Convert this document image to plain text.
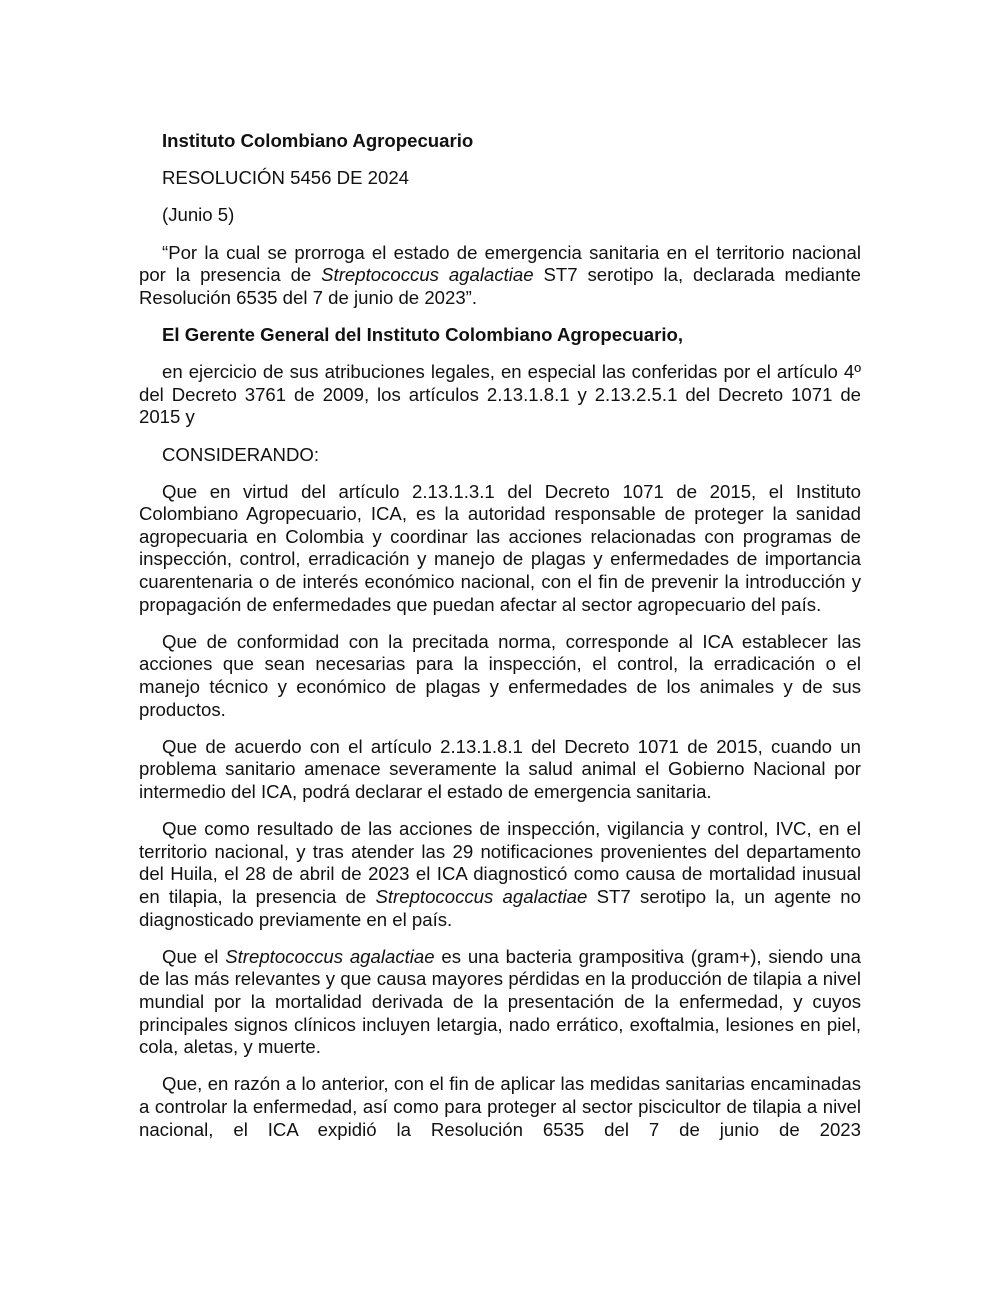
Instituto Colombiano Agropecuario

RESOLUCIÓN 5456 DE 2024

(Junio 5)

“Por la cual se prorroga el estado de emergencia sanitaria en el territorio nacional por la presencia de Streptococcus agalactiae ST7 serotipo la, declarada mediante Resolución 6535 del 7 de junio de 2023”.

El Gerente General del Instituto Colombiano Agropecuario,

en ejercicio de sus atribuciones legales, en especial las conferidas por el artículo 4º del Decreto 3761 de 2009, los artículos 2.13.1.8.1 y 2.13.2.5.1 del Decreto 1071 de 2015 y

CONSIDERANDO:

Que en virtud del artículo 2.13.1.3.1 del Decreto 1071 de 2015, el Instituto Colombiano Agropecuario, ICA, es la autoridad responsable de proteger la sanidad agropecuaria en Colombia y coordinar las acciones relacionadas con programas de inspección, control, erradicación y manejo de plagas y enfermedades de importancia cuarentenaria o de interés económico nacional, con el fin de prevenir la introducción y propagación de enfermedades que puedan afectar al sector agropecuario del país.

Que de conformidad con la precitada norma, corresponde al ICA establecer las acciones que sean necesarias para la inspección, el control, la erradicación o el manejo técnico y económico de plagas y enfermedades de los animales y de sus productos.

Que de acuerdo con el artículo 2.13.1.8.1 del Decreto 1071 de 2015, cuando un problema sanitario amenace severamente la salud animal el Gobierno Nacional por intermedio del ICA, podrá declarar el estado de emergencia sanitaria.

Que como resultado de las acciones de inspección, vigilancia y control, IVC, en el territorio nacional, y tras atender las 29 notificaciones provenientes del departamento del Huila, el 28 de abril de 2023 el ICA diagnosticó como causa de mortalidad inusual en tilapia, la presencia de Streptococcus agalactiae ST7 serotipo la, un agente no diagnosticado previamente en el país.

Que el Streptococcus agalactiae es una bacteria grampositiva (gram+), siendo una de las más relevantes y que causa mayores pérdidas en la producción de tilapia a nivel mundial por la mortalidad derivada de la presentación de la enfermedad, y cuyos principales signos clínicos incluyen letargia, nado errático, exoftalmia, lesiones en piel, cola, aletas, y muerte.

Que, en razón a lo anterior, con el fin de aplicar las medidas sanitarias encaminadas a controlar la enfermedad, así como para proteger al sector piscicultor de tilapia a nivel nacional, el ICA expidió la Resolución 6535 del 7 de junio de 2023
